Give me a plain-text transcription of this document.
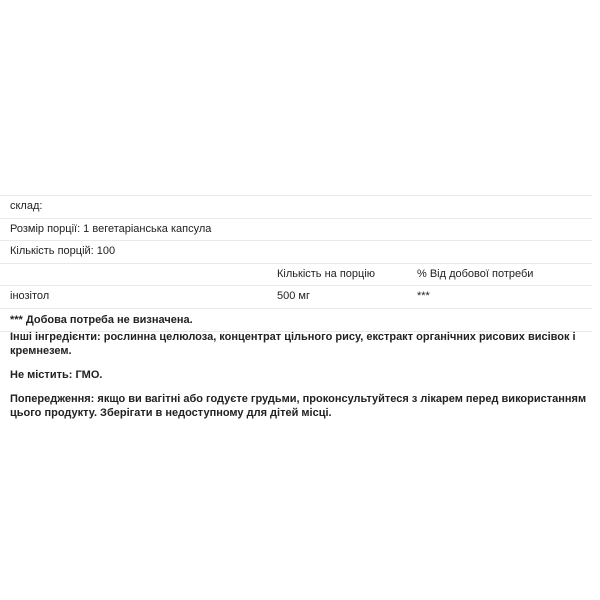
склад:		
Розмір порції: 1 вегетаріанська капсула		
Кількість порцій: 100		
	Кількість на порцію	% Від добової потреби
інозітол	500 мг	***
*** Добова потреба не визначена.		

Інші інгредієнти: рослинна целюлоза, концентрат цільного рису, екстракт органічних рисових висівок і кремнезем.

Не містить: ГМО.

Попередження: якщо ви вагітні або годуєте грудьми, проконсультуйтеся з лікарем перед використанням цього продукту. Зберігати в недоступному для дітей місці.
